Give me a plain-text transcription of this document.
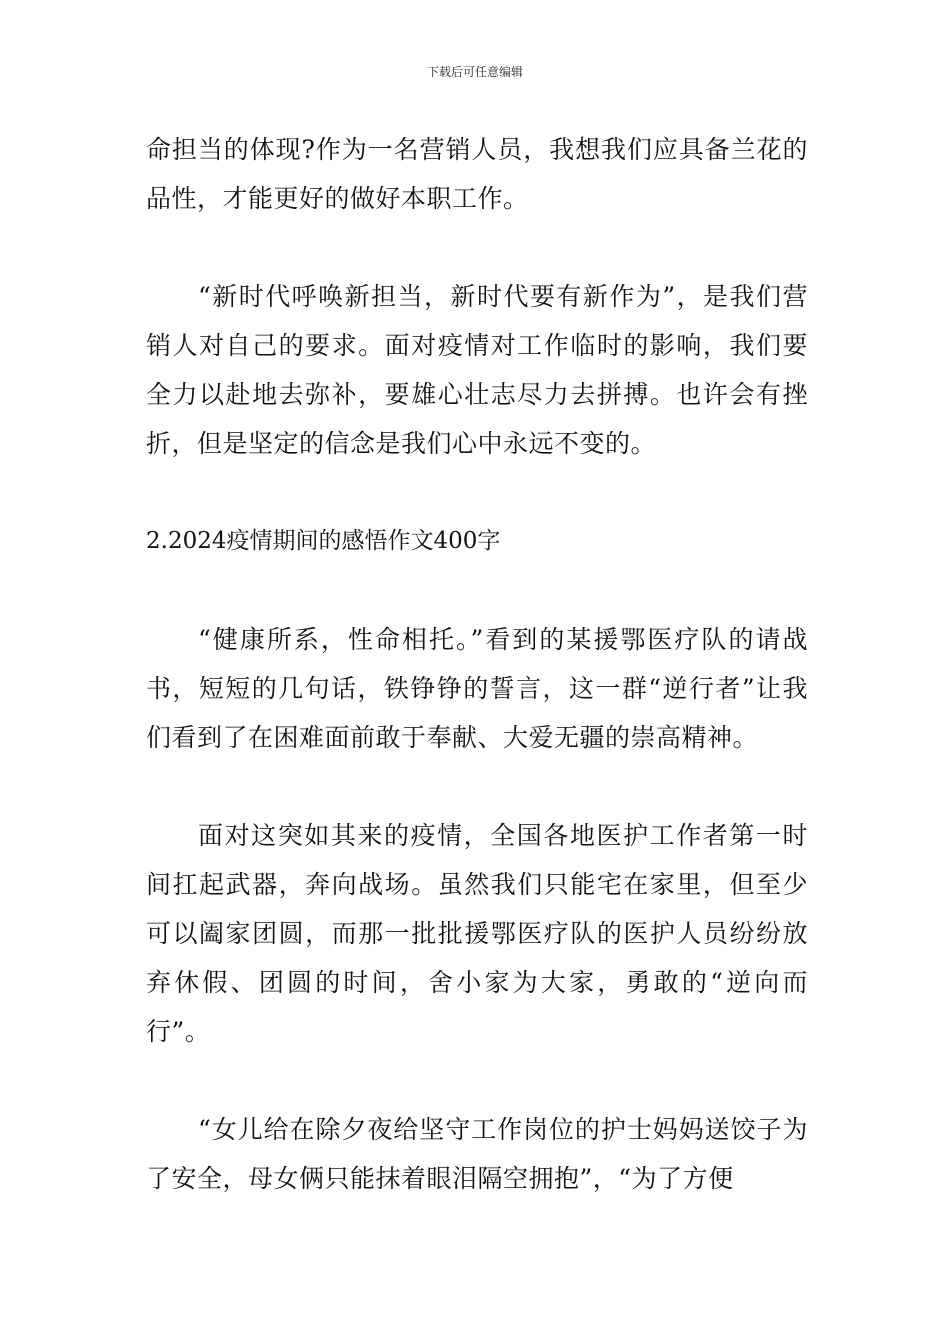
下载后可任意编辑

命担当的体现?作为一名营销人员，我想我们应具备兰花的品性，才能更好的做好本职工作。

“新时代呼唤新担当，新时代要有新作为”，是我们营销人对自己的要求。面对疫情对工作临时的影响，我们要全力以赴地去弥补，要雄心壮志尽力去拼搏。也许会有挫折，但是坚定的信念是我们心中永远不变的。

2.2024疫情期间的感悟作文400字

“健康所系，性命相托。”看到的某援鄂医疗队的请战书，短短的几句话，铁铮铮的誓言，这一群“逆行者”让我们看到了在困难面前敢于奉献、大爱无疆的崇高精神。

面对这突如其来的疫情，全国各地医护工作者第一时间扛起武器，奔向战场。虽然我们只能宅在家里，但至少可以阖家团圆，而那一批批援鄂医疗队的医护人员纷纷放弃休假、团圆的时间，舍小家为大家，勇敢的“逆向而行”。

“女儿给在除夕夜给坚守工作岗位的护士妈妈送饺子为了安全，母女俩只能抹着眼泪隔空拥抱”，“为了方便
